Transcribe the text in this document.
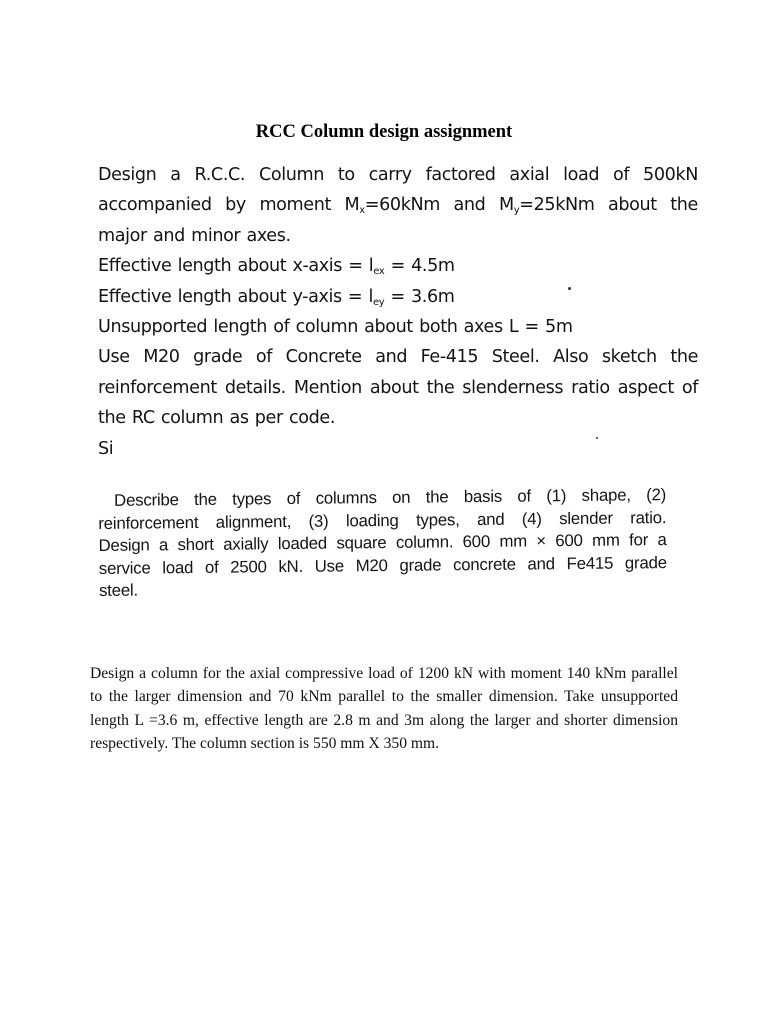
RCC Column design assignment
Design a R.C.C. Column to carry factored axial load of 500kN
accompanied by moment $M_x=60kNm$ and $M_y=25kNm$ about the
major and minor axes.
Effective length about x-axis = $l_{ex} = 4.5m$
Effective length about y-axis = $l_{ey} = 3.6m$
Unsupported length of column about both axes L = 5m
Use M20 grade of Concrete and Fe-415 Steel. Also sketch the
reinforcement details. Mention about the slenderness ratio aspect of
the RC column as per code.
Si
Describe the types of columns on the basis of (1) shape, (2)
reinforcement alignment, (3) loading types, and (4) slender ratio.
Design a short axially loaded square column. 600 mm × 600 mm for a
service load of 2500 kN. Use M20 grade concrete and Fe415 grade
steel.
Design a column for the axial compressive load of 1200 kN with moment 140 kNm parallel to the larger dimension and 70 kNm parallel to the smaller dimension. Take unsupported length L =3.6 m, effective length are 2.8 m and 3m along the larger and shorter dimension respectively. The column section is 550 mm X 350 mm.
